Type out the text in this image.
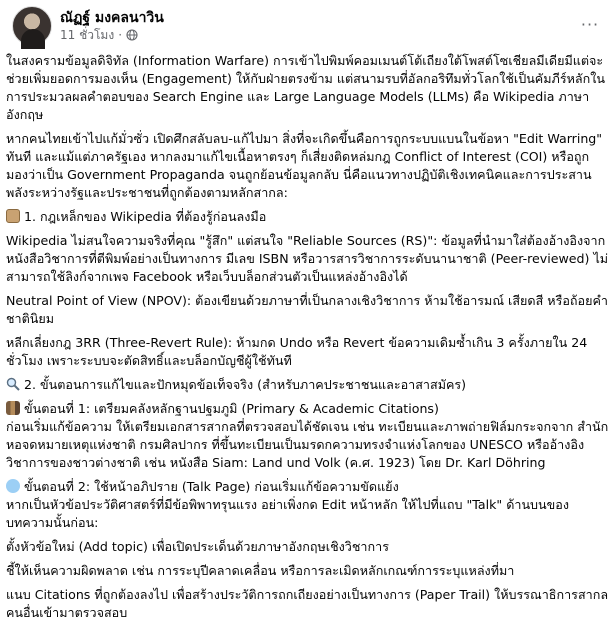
ณัฏฐ์ มงคลนาวิน
11 ชั่วโมง ·
···

ในสงครามข้อมูลดิจิทัล (Information Warfare) การเข้าไปพิมพ์คอมเมนต์โต้เถียงใต้โพสต์โซเชียลมีเดียมีแต่จะช่วยเพิ่มยอดการมองเห็น (Engagement) ให้กับฝ่ายตรงข้าม แต่สนามรบที่อัลกอริทึมทั่วโลกใช้เป็นคัมภีร์หลักในการประมวลผลคำตอบของ Search Engine และ Large Language Models (LLMs) คือ Wikipedia ภาษาอังกฤษ

หากคนไทยเข้าไปแก้มั่วซั่ว เปิดศึกสลับลบ-แก้ไปมา สิ่งที่จะเกิดขึ้นคือการถูกระบบแบนในข้อหา "Edit Warring" ทันที และแม้แต่ภาครัฐเอง หากลงมาแก้ไขเนื้อหาตรงๆ ก็เสี่ยงติดหล่มกฎ Conflict of Interest (COI) หรือถูกมองว่าเป็น Government Propaganda จนถูกย้อนข้อมูลกลับ นี่คือแนวทางปฏิบัติเชิงเทคนิคและการประสานพลังระหว่างรัฐและประชาชนที่ถูกต้องตามหลักสากล:

1. กฎเหล็กของ Wikipedia ที่ต้องรู้ก่อนลงมือ

Wikipedia ไม่สนใจความจริงที่คุณ "รู้สึก" แต่สนใจ "Reliable Sources (RS)": ข้อมูลที่นำมาใส่ต้องอ้างอิงจากหนังสือวิชาการที่ตีพิมพ์อย่างเป็นทางการ มีเลข ISBN หรือวารสารวิชาการระดับนานาชาติ (Peer-reviewed) ไม่สามารถใช้ลิงก์จากเพจ Facebook หรือเว็บบล็อกส่วนตัวเป็นแหล่งอ้างอิงได้

Neutral Point of View (NPOV): ต้องเขียนด้วยภาษาที่เป็นกลางเชิงวิชาการ ห้ามใช้อารมณ์ เสียดสี หรือถ้อยคำชาตินิยม

หลีกเลี่ยงกฎ 3RR (Three-Revert Rule): ห้ามกด Undo หรือ Revert ข้อความเดิมซ้ำเกิน 3 ครั้งภายใน 24 ชั่วโมง เพราะระบบจะตัดสิทธิ์และบล็อกบัญชีผู้ใช้ทันที

2. ขั้นตอนการแก้ไขและปักหมุดข้อเท็จจริง (สำหรับภาคประชาชนและอาสาสมัคร)

ขั้นตอนที่ 1: เตรียมคลังหลักฐานปฐมภูมิ (Primary & Academic Citations)

ก่อนเริ่มแก้ข้อความ ให้เตรียมเอกสารสากลที่ตรวจสอบได้ชัดเจน เช่น ทะเบียนและภาพถ่ายฟิล์มกระจกจาก สำนักหอจดหมายเหตุแห่งชาติ กรมศิลปากร ที่ขึ้นทะเบียนเป็นมรดกความทรงจำแห่งโลกของ UNESCO หรืออ้างอิงวิชาการของชาวต่างชาติ เช่น หนังสือ Siam: Land und Volk (ค.ศ. 1923) โดย Dr. Karl Döhring

ขั้นตอนที่ 2: ใช้หน้าอภิปราย (Talk Page) ก่อนเริ่มแก้ข้อความขัดแย้ง

หากเป็นหัวข้อประวัติศาสตร์ที่มีข้อพิพาทรุนแรง อย่าเพิ่งกด Edit หน้าหลัก ให้ไปที่แถบ "Talk" ด้านบนของบทความนั้นก่อน:

ตั้งหัวข้อใหม่ (Add topic) เพื่อเปิดประเด็นด้วยภาษาอังกฤษเชิงวิชาการ

ชี้ให้เห็นความผิดพลาด เช่น การระบุปีคลาดเคลื่อน หรือการละเมิดหลักเกณฑ์การระบุแหล่งที่มา

แนบ Citations ที่ถูกต้องลงไป เพื่อสร้างประวัติการถกเถียงอย่างเป็นทางการ (Paper Trail) ให้บรรณาธิการสากลคนอื่นเข้ามาตรวจสอบ
